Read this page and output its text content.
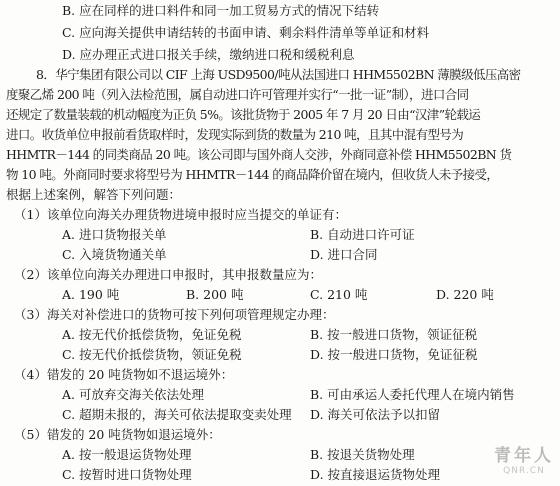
B. 应在同样的进口料件和同一加工贸易方式的情况下结转
C. 应向海关提供申请结转的书面申请、剩余料件清单等单证和材料
D. 应办理正式进口报关手续，缴纳进口税和缓税利息
8．华宁集团有限公司以 CIF 上海 USD9500/吨从法国进口 HHM5502BN 薄膜级低压高密
度聚乙烯 200 吨（列入法检范围，属自动进口许可管理并实行“一批一证”制），进口合同
还规定了数量装载的机动幅度为正负 5%。该批货物于 2005 年 7 月 20 日由“汉津”轮载运
进口。收货单位申报前看货取样时，发现实际到货的数量为 210 吨，且其中混有型号为
HHMTR－144 的同类商品 20 吨。该公司即与国外商人交涉，外商同意补偿 HHM5502BN 货
物 10 吨。外商同时要求将型号为 HHMTR－144 的商品降价留在境内，但收货人未予接受，
根据上述案例，解答下列问题：
（1）该单位向海关办理货物进境申报时应当提交的单证有：
A. 进口货物报关单	B. 自动进口许可证
C. 入境货物通关单	D. 进口合同
（2）该单位向海关办理进口申报时，其申报数量应为：
A. 190 吨	B. 200 吨	C. 210 吨	D. 220 吨
（3）海关对补偿进口的货物可按下列何项管理规定办理：
A. 按无代价抵偿货物，免证免税	B. 按一般进口货物，领证征税
C. 按无代价抵偿货物，领证免税	D. 按一般进口货物，免证征税
（4）错发的 20 吨货物如不退运境外：
A. 可放弃交海关依法处理	B. 可由承运人委托代理人在境内销售
C. 超期未报的，海关可依法提取变卖处理 D. 海关可依法予以扣留
（5）错发的 20 吨货物如退运境外：
A. 按一般退运货物处理	B. 按退关货物处理
C. 按暂时进口货物处理	D. 按直接退运货物处理
青年人
QNR.CN
